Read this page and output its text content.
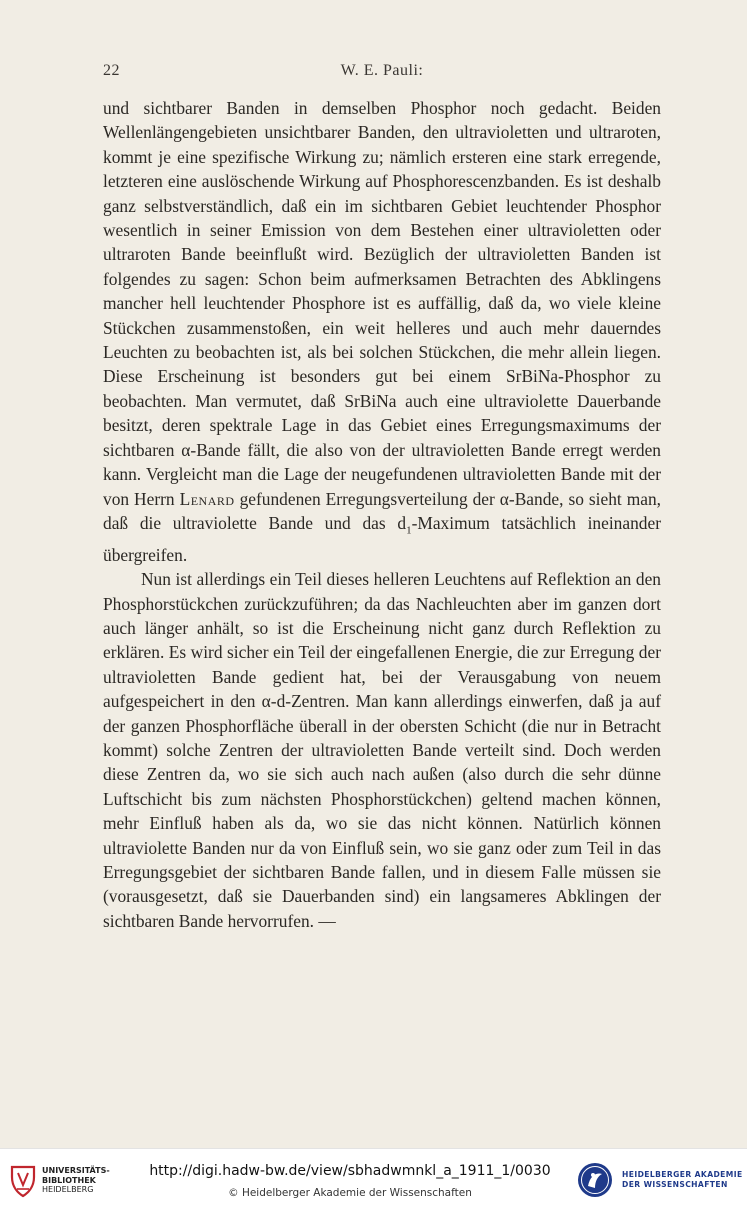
22	W. E. Pauli:

und sichtbarer Banden in demselben Phosphor noch gedacht. Beiden Wellenlängengebieten unsichtbarer Banden, den ultravioletten und ultraroten, kommt je eine spezifische Wirkung zu; nämlich ersteren eine stark erregende, letzteren eine auslöschende Wirkung auf Phosphorescenzbanden. Es ist deshalb ganz selbstverständlich, daß ein im sichtbaren Gebiet leuchtender Phosphor wesentlich in seiner Emission von dem Bestehen einer ultravioletten oder ultraroten Bande beeinflußt wird. Bezüglich der ultravioletten Banden ist folgendes zu sagen: Schon beim aufmerksamen Betrachten des Abklingens mancher hell leuchtender Phosphore ist es auffällig, daß da, wo viele kleine Stückchen zusammenstoßen, ein weit helleres und auch mehr dauerndes Leuchten zu beobachten ist, als bei solchen Stückchen, die mehr allein liegen. Diese Erscheinung ist besonders gut bei einem SrBiNa-Phosphor zu beobachten. Man vermutet, daß SrBiNa auch eine ultraviolette Dauerbande besitzt, deren spektrale Lage in das Gebiet eines Erregungsmaximums der sichtbaren α-Bande fällt, die also von der ultravioletten Bande erregt werden kann. Vergleicht man die Lage der neugefundenen ultravioletten Bande mit der von Herrn Lenard gefundenen Erregungsverteilung der α-Bande, so sieht man, daß die ultraviolette Bande und das $d_1$-Maximum tatsächlich ineinander übergreifen.

Nun ist allerdings ein Teil dieses helleren Leuchtens auf Reflektion an den Phosphorstückchen zurückzuführen; da das Nachleuchten aber im ganzen dort auch länger anhält, so ist die Erscheinung nicht ganz durch Reflektion zu erklären. Es wird sicher ein Teil der eingefallenen Energie, die zur Erregung der ultravioletten Bande gedient hat, bei der Verausgabung von neuem aufgespeichert in den α-d-Zentren. Man kann allerdings einwerfen, daß ja auf der ganzen Phosphorfläche überall in der obersten Schicht (die nur in Betracht kommt) solche Zentren der ultravioletten Bande verteilt sind. Doch werden diese Zentren da, wo sie sich auch nach außen (also durch die sehr dünne Luftschicht bis zum nächsten Phosphorstückchen) geltend machen können, mehr Einfluß haben als da, wo sie das nicht können. Natürlich können ultraviolette Banden nur da von Einfluß sein, wo sie ganz oder zum Teil in das Erregungsgebiet der sichtbaren Bande fallen, und in diesem Falle müssen sie (vorausgesetzt, daß sie Dauerbanden sind) ein langsameres Abklingen der sichtbaren Bande hervorrufen. —

UNIVERSITÄTS-
BIBLIOTHEK
HEIDELBERG
http://digi.hadw-bw.de/view/sbhadwmnkl_a_1911_1/0030
© Heidelberger Akademie der Wissenschaften
HEIDELBERGER AKADEMIE
DER WISSENSCHAFTEN
